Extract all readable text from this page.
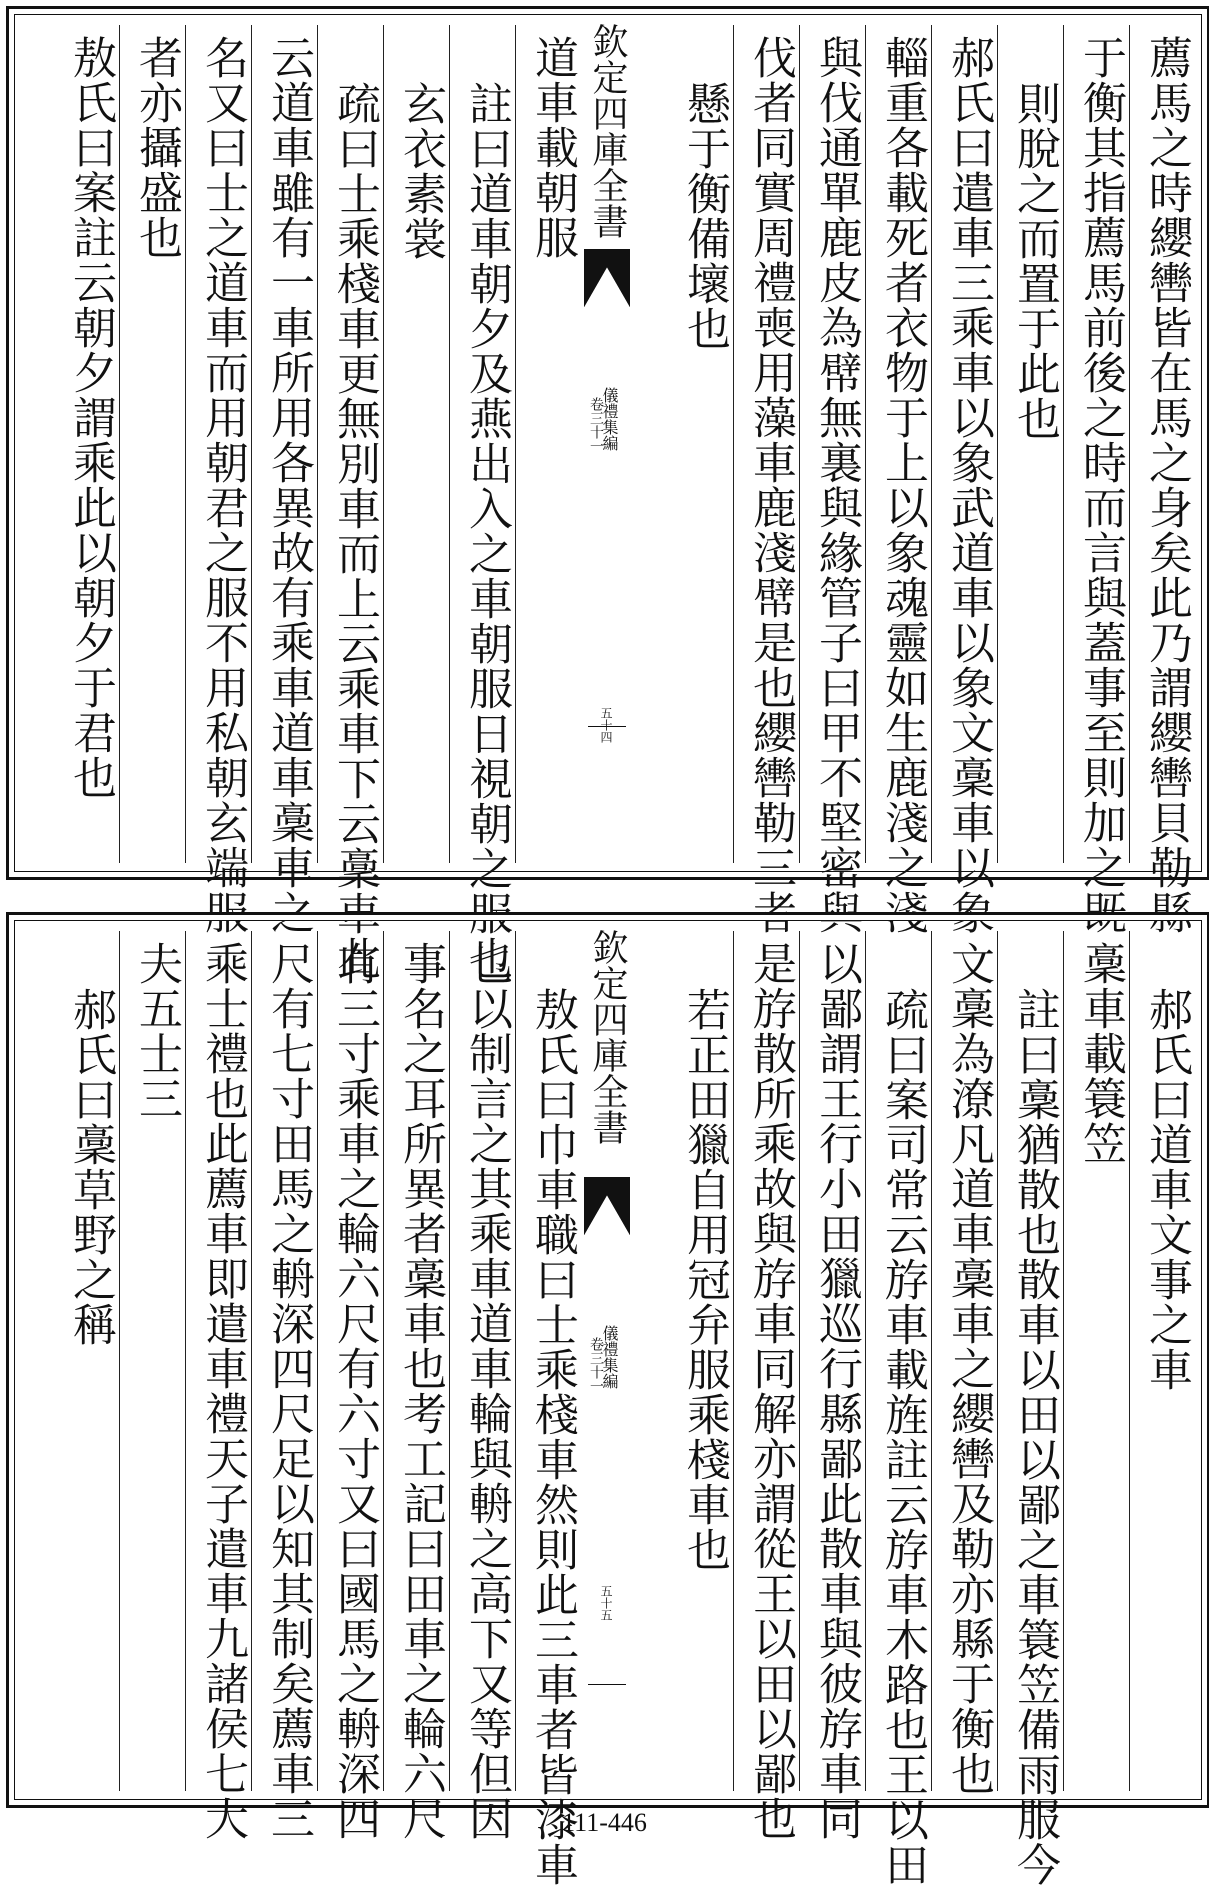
薦馬之時纓轡皆在馬之身矣此乃謂纓轡貝勒縣
于衡其指薦馬前後之時而言與蓋事至則加之既
則脫之而置于此也
郝氏曰遣車三乘車以象武道車以象文稾車以象
輜重各載死者衣物于上以象魂靈如生鹿淺之淺
與伐通單鹿皮為幦無裏與緣管子曰甲不堅密與
伐者同實周禮喪用藻車鹿淺幦是也纓轡勒三者
懸于衡備壞也
欽定四庫全書
儀禮集編
卷三十一
五十四
道車載朝服
註曰道車朝夕及燕出入之車朝服日視朝之服也
玄衣素裳
疏曰士乘棧車更無別車而上云乘車下云稾車此
云道車雖有一車所用各異故有乘車道車稾車之
名又曰士之道車而用朝君之服不用私朝玄端服
者亦攝盛也
敖氏曰案註云朝夕謂乘此以朝夕于君也
郝氏曰道車文事之車
稾車載簑笠
註曰稾猶散也散車以田以鄙之車簑笠備雨服今
文稾為潦凡道車稾車之纓轡及勒亦縣于衡也
疏曰案司常云斿車載旌註云斿車木路也王以田
以鄙謂王行小田獵巡行縣鄙此散車與彼斿車同
是斿散所乘故與斿車同解亦謂從王以田以鄙也
若正田獵自用冠弁服乘棧車也
欽定四庫全書
儀禮集編
卷三十一
五十五
敖氏曰巾車職曰士乘棧車然則此三車者皆漆車
也以制言之其乘車道車輪與輈之高下又等但因
事名之耳所異者稾車也考工記曰田車之輪六尺
有三寸乘車之輪六尺有六寸又曰國馬之輈深四
尺有七寸田馬之輈深四尺足以知其制矣薦車三
乘士禮也此薦車即遣車禮天子遣車九諸侯七大
夫五士三
郝氏曰稾草野之稱
111-446
